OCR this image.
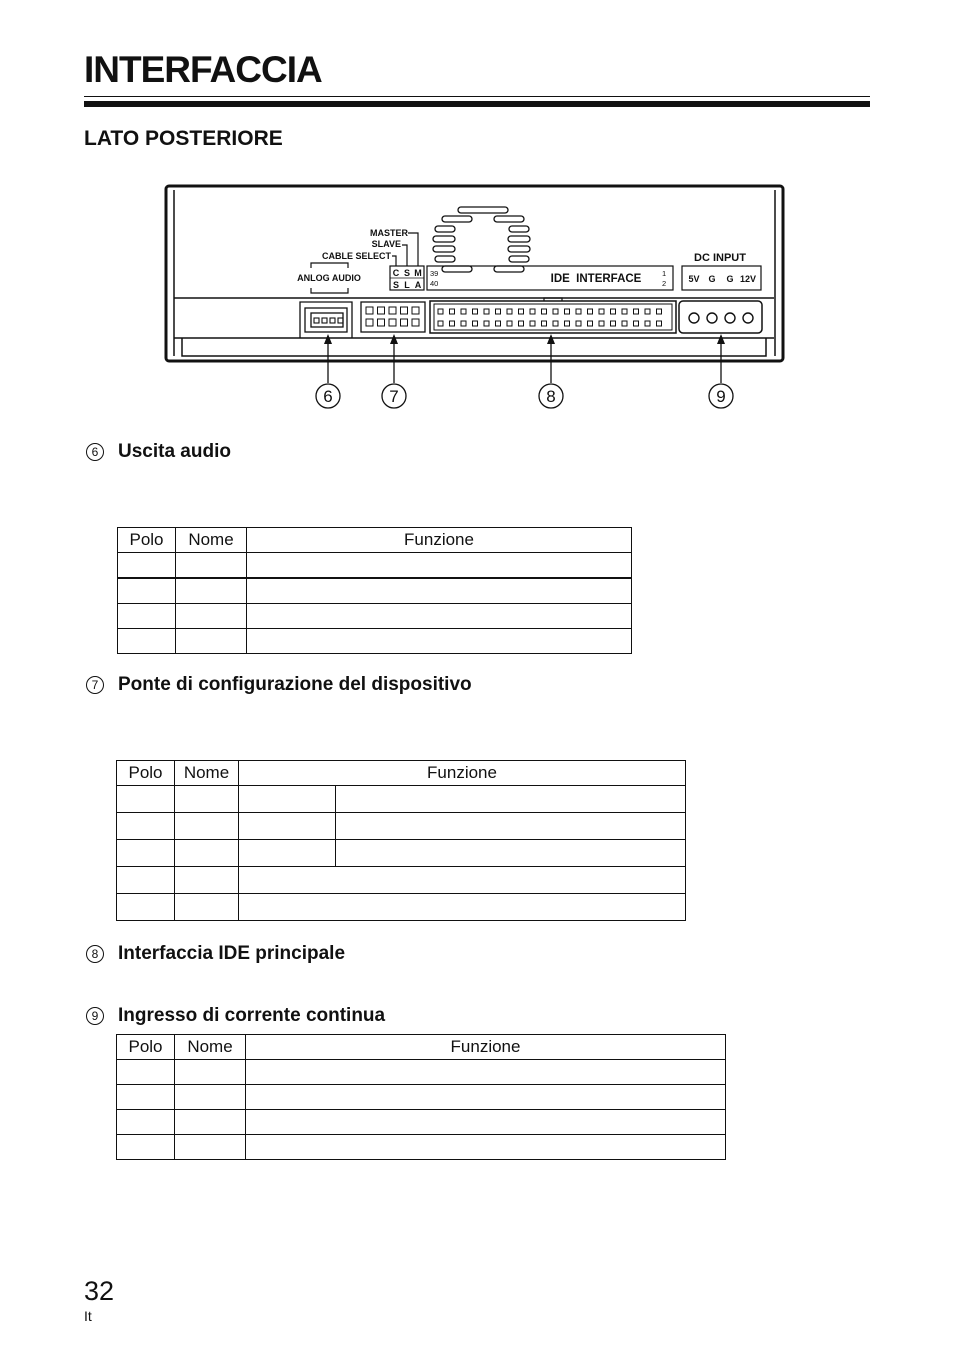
INTERFACCIA
LATO POSTERIORE
MASTER
SLAVE
CABLE SELECT
ANLOG AUDIO	C S M
S L A
DC INPUT
5V G G 12V
IDE  INTERFACE
39
40
1
2
6	7	8	9
6 Uscita audio
Polo	Nome	Funzione

7 Ponte di configurazione del dispositivo
Polo	Nome	Funzione	

8 Interfaccia IDE principale
9 Ingresso di corrente continua
Polo	Nome	Funzione

32
It
